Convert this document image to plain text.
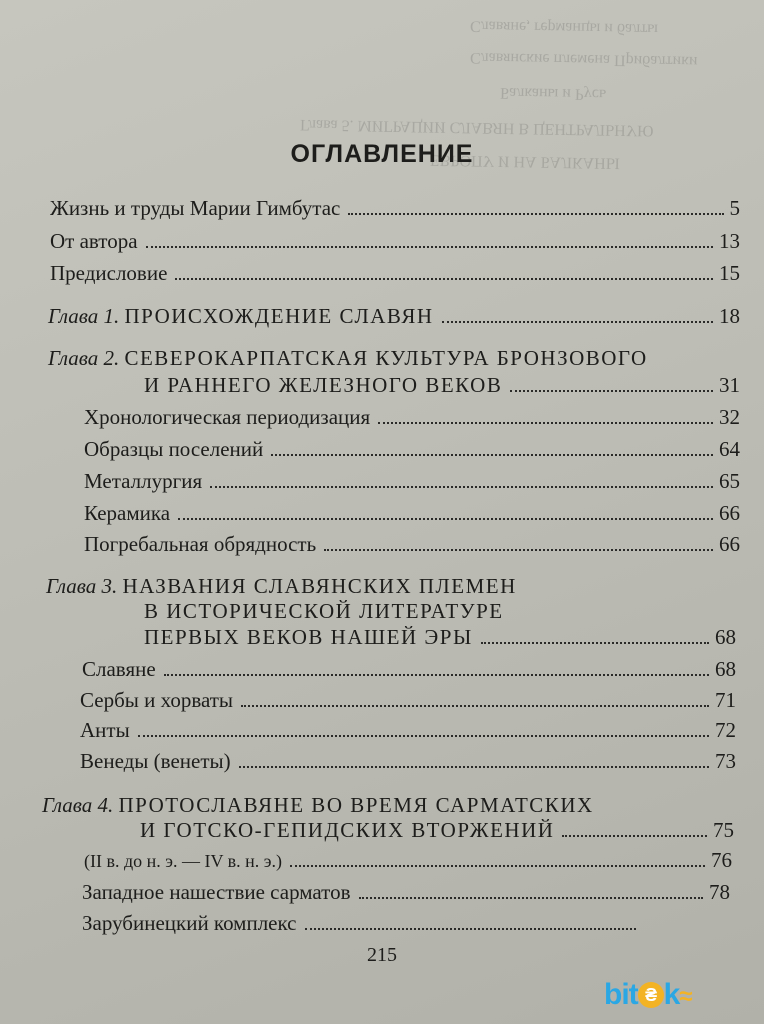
Славяне, германцы и балты
Славянские племена Прибалтики
Балканы и Русь
Глава 5. МИГРАЦИИ СЛАВЯН В ЦЕНТРАЛЬНУЮ
ЕВРОПУ И НА БАЛКАНЫ
ОГЛАВЛЕНИЕ
Жизнь и труды Марии Гимбутас	5
От автора	13
Предисловие	15
Глава 1. ПРОИСХОЖДЕНИЕ СЛАВЯН	18
Глава 2. СЕВЕРОКАРПАТСКАЯ КУЛЬТУРА БРОНЗОВОГО
И РАННЕГО ЖЕЛЕЗНОГО ВЕКОВ	31
Хронологическая периодизация	32
Образцы поселений	64
Металлургия	65
Керамика	66
Погребальная обрядность	66
Глава 3. НАЗВАНИЯ СЛАВЯНСКИХ ПЛЕМЕН
В ИСТОРИЧЕСКОЙ ЛИТЕРАТУРЕ
ПЕРВЫХ ВЕКОВ НАШЕЙ ЭРЫ	68
Славяне	68
Сербы и хорваты	71
Анты	72
Венеды (венеты)	73
Глава 4. ПРОТОСЛАВЯНЕ ВО ВРЕМЯ САРМАТСКИХ
И ГОТСКО-ГЕПИДСКИХ ВТОРЖЕНИЙ	75
(II в. до н. э. — IV в. н. э.)	76
Западное нашествие сарматов	78
Зарубинецкий комплекс
215
bit ₴ k≈
